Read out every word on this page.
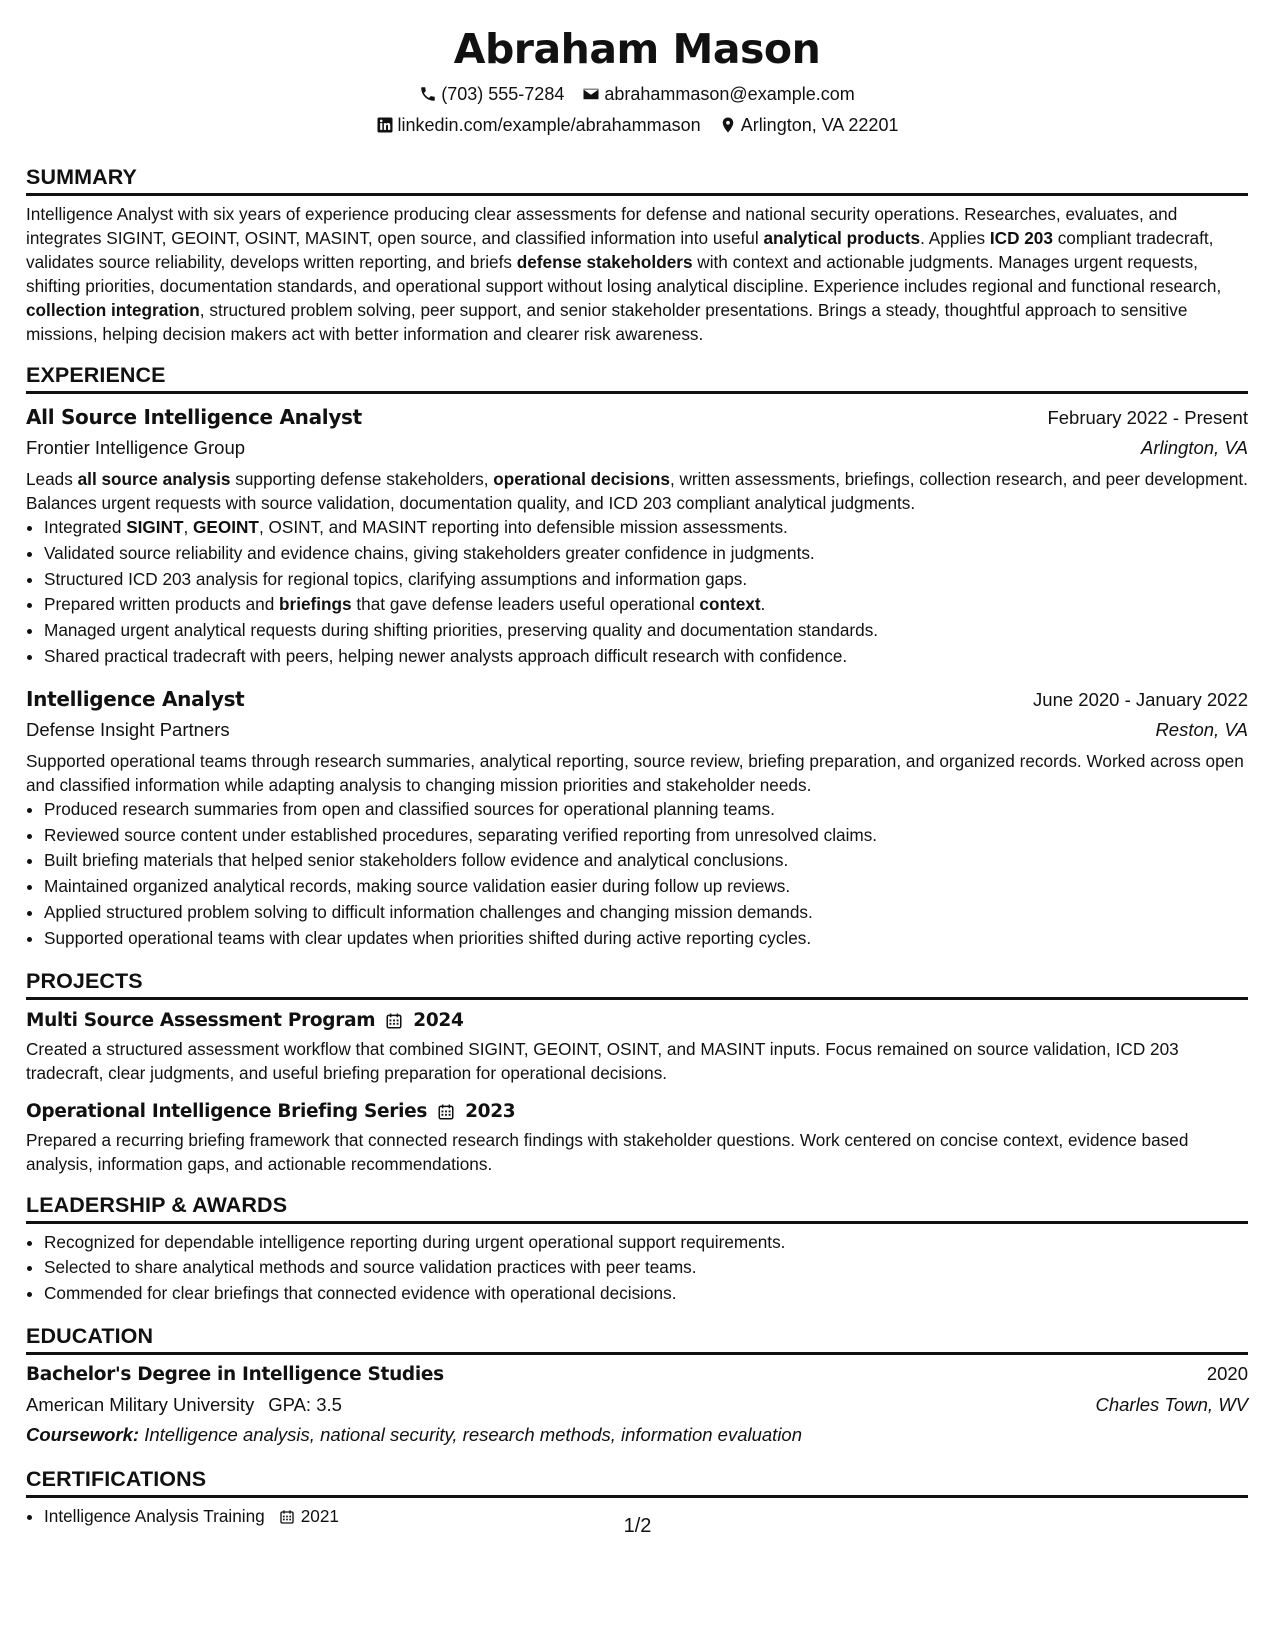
Abraham Mason
(703) 555-7284 abrahammason@example.com
linkedin.com/example/abrahammason Arlington, VA 22201
SUMMARY

Intelligence Analyst with six years of experience producing clear assessments for defense and national security operations. Researches, evaluates, and integrates SIGINT, GEOINT, OSINT, MASINT, open source, and classified information into useful analytical products. Applies ICD 203 compliant tradecraft, validates source reliability, develops written reporting, and briefs defense stakeholders with context and actionable judgments. Manages urgent requests, shifting priorities, documentation standards, and operational support without losing analytical discipline. Experience includes regional and functional research, collection integration, structured problem solving, peer support, and senior stakeholder presentations. Brings a steady, thoughtful approach to sensitive missions, helping decision makers act with better information and clearer risk awareness.

EXPERIENCE
All Source Intelligence Analyst	February 2022 - Present
Frontier Intelligence Group	Arlington, VA

Leads all source analysis supporting defense stakeholders, operational decisions, written assessments, briefings, collection research, and peer development. Balances urgent requests with source validation, documentation quality, and ICD 203 compliant analytical judgments.

• Integrated SIGINT, GEOINT, OSINT, and MASINT reporting into defensible mission assessments.
• Validated source reliability and evidence chains, giving stakeholders greater confidence in judgments.
• Structured ICD 203 analysis for regional topics, clarifying assumptions and information gaps.
• Prepared written products and briefings that gave defense leaders useful operational context.
• Managed urgent analytical requests during shifting priorities, preserving quality and documentation standards.
• Shared practical tradecraft with peers, helping newer analysts approach difficult research with confidence.
Intelligence Analyst	June 2020 - January 2022
Defense Insight Partners	Reston, VA

Supported operational teams through research summaries, analytical reporting, source review, briefing preparation, and organized records. Worked across open and classified information while adapting analysis to changing mission priorities and stakeholder needs.

• Produced research summaries from open and classified sources for operational planning teams.
• Reviewed source content under established procedures, separating verified reporting from unresolved claims.
• Built briefing materials that helped senior stakeholders follow evidence and analytical conclusions.
• Maintained organized analytical records, making source validation easier during follow up reviews.
• Applied structured problem solving to difficult information challenges and changing mission demands.
• Supported operational teams with clear updates when priorities shifted during active reporting cycles.
PROJECTS
Multi Source Assessment Program 2024

Created a structured assessment workflow that combined SIGINT, GEOINT, OSINT, and MASINT inputs. Focus remained on source validation, ICD 203 tradecraft, clear judgments, and useful briefing preparation for operational decisions.

Operational Intelligence Briefing Series 2023

Prepared a recurring briefing framework that connected research findings with stakeholder questions. Work centered on concise context, evidence based analysis, information gaps, and actionable recommendations.

LEADERSHIP & AWARDS
• Recognized for dependable intelligence reporting during urgent operational support requirements.
• Selected to share analytical methods and source validation practices with peer teams.
• Commended for clear briefings that connected evidence with operational decisions.
EDUCATION
Bachelor's Degree in Intelligence Studies	2020
American Military University GPA: 3.5	Charles Town, WV
Coursework: Intelligence analysis, national security, research methods, information evaluation
CERTIFICATIONS
• Intelligence Analysis Training 2021	1/2
